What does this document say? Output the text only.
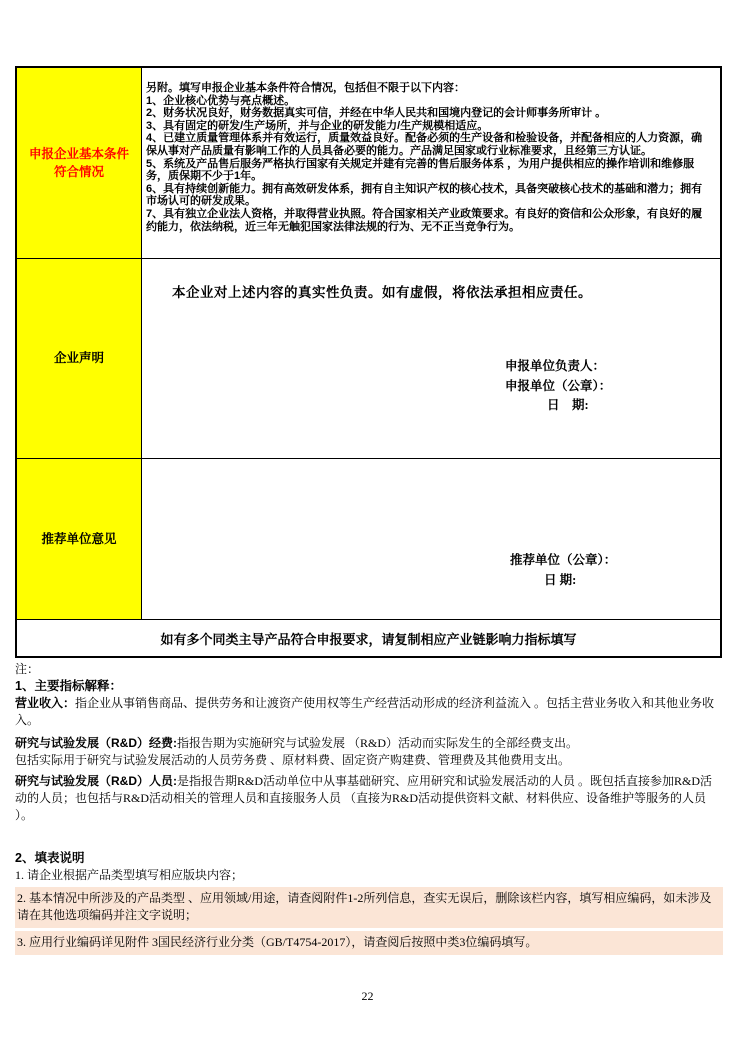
申报企业基本条件符合情况
另附。填写申报企业基本条件符合情况，包括但不限于以下内容：
1、企业核心优势与亮点概述。
2、财务状况良好，财务数据真实可信，并经在中华人民共和国境内登记的会计师事务所审计 。
3、具有固定的研发/生产场所，并与企业的研发能力/生产规模相适应。
4、已建立质量管理体系并有效运行，质量效益良好。配备必须的生产设备和检验设备，并配备相应的人力资源，确保从事对产品质量有影响工作的人员具备必要的能力。产品满足国家或行业标准要求，且经第三方认证。
5、系统及产品售后服务严格执行国家有关规定并建有完善的售后服务体系 ，为用户提供相应的操作培训和维修服务，质保期不少于1年。
6、具有持续创新能力。拥有高效研发体系，拥有自主知识产权的核心技术，具备突破核心技术的基础和潜力；拥有市场认可的研发成果。
7、具有独立企业法人资格，并取得营业执照。符合国家相关产业政策要求。有良好的资信和公众形象，有良好的履约能力，依法纳税，近三年无触犯国家法律法规的行为、无不正当竞争行为。
企业声明
本企业对上述内容的真实性负责。如有虚假，将依法承担相应责任。
申报单位负责人：
申报单位（公章）：
日　期:
推荐单位意见
推荐单位（公章）：
日 期:
如有多个同类主导产品符合申报要求，请复制相应产业链影响力指标填写

注：

1、主要指标解释：

营业收入：指企业从事销售商品、提供劳务和让渡资产使用权等生产经营活动形成的经济利益流入 。包括主营业务收入和其他业务收入。

研究与试验发展（R&D）经费:指报告期为实施研究与试验发展 （R&D）活动而实际发生的全部经费支出。

包括实际用于研究与试验发展活动的人员劳务费 、原材料费、固定资产购建费、管理费及其他费用支出。

研究与试验发展（R&D）人员:是指报告期R&D活动单位中从事基础研究、应用研究和试验发展活动的人员 。既包括直接参加R&D活动的人员；也包括与R&D活动相关的管理人员和直接服务人员 （直接为R&D活动提供资料文献、材料供应、设备维护等服务的人员 ）。

2、填表说明

1. 请企业根据产品类型填写相应版块内容；

2. 基本情况中所涉及的产品类型 、应用领域/用途，请查阅附件1-2所列信息，查实无误后，删除该栏内容，填写相应编码，如未涉及请在其他选项编码并注文字说明；

3. 应用行业编码详见附件 3国民经济行业分类（GB/T4754-2017），请查阅后按照中类3位编码填写。

22
